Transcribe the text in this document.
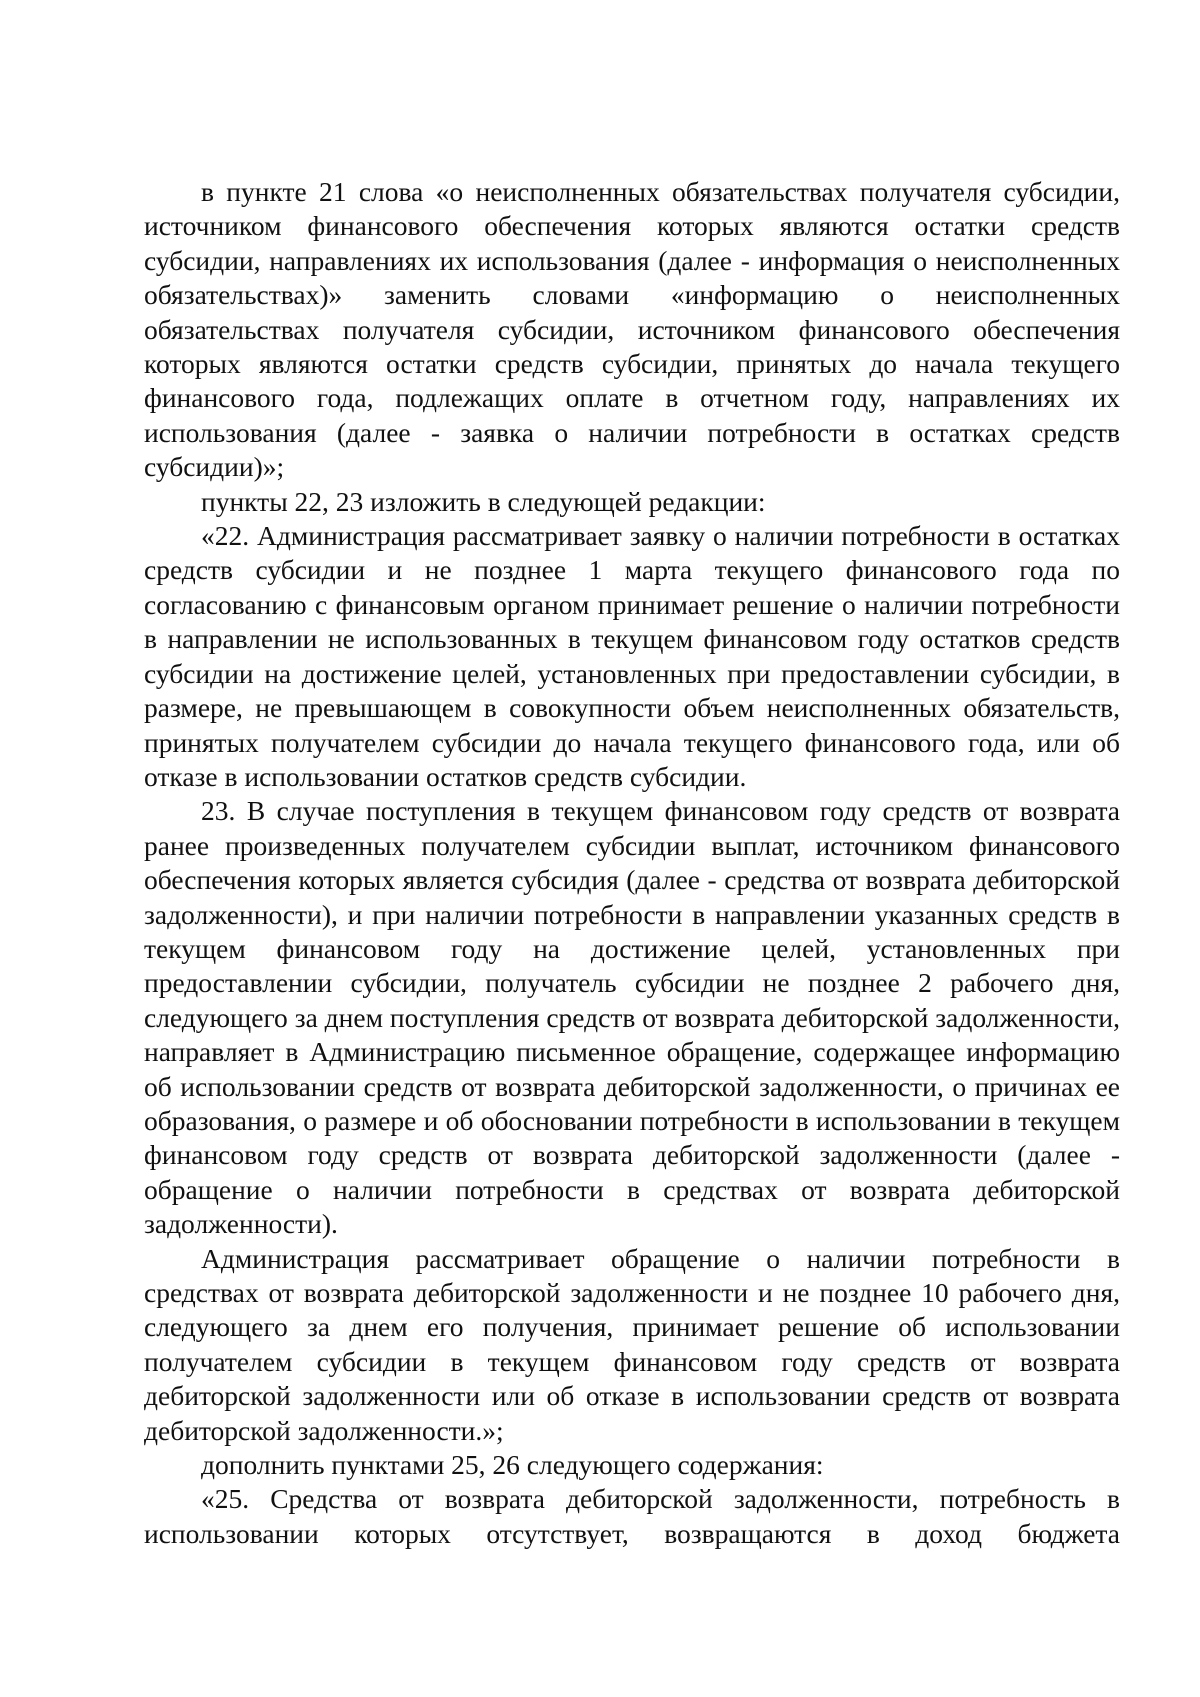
в пункте 21 слова «о неисполненных обязательствах получателя субсидии, источником финансового обеспечения которых являются остатки средств субсидии, направлениях их использования (далее - информация о неисполненных обязательствах)» заменить словами «информацию о неисполненных обязательствах получателя субсидии, источником финансового обеспечения которых являются остатки средств субсидии, принятых до начала текущего финансового года, подлежащих оплате в отчетном году, направлениях их использования (далее - заявка о наличии потребности в остатках средств субсидии)»;

пункты 22, 23 изложить в следующей редакции:

«22. Администрация рассматривает заявку о наличии потребности в остатках средств субсидии и не позднее 1 марта текущего финансового года по согласованию с финансовым органом принимает решение о наличии потребности в направлении не использованных в текущем финансовом году остатков средств субсидии на достижение целей, установленных при предоставлении субсидии, в размере, не превышающем в совокупности объем неисполненных обязательств, принятых получателем субсидии до начала текущего финансового года, или об отказе в использовании остатков средств субсидии.

23. В случае поступления в текущем финансовом году средств от возврата ранее произведенных получателем субсидии выплат, источником финансового обеспечения которых является субсидия (далее - средства от возврата дебиторской задолженности), и при наличии потребности в направлении указанных средств в текущем финансовом году на достижение целей, установленных при предоставлении субсидии, получатель субсидии не позднее 2 рабочего дня, следующего за днем поступления средств от возврата дебиторской задолженности, направляет в Администрацию письменное обращение, содержащее информацию об использовании средств от возврата дебиторской задолженности, о причинах ее образования, о размере и об обосновании потребности в использовании в текущем финансовом году средств от возврата дебиторской задолженности (далее - обращение о наличии потребности в средствах от возврата дебиторской задолженности).

Администрация рассматривает обращение о наличии потребности в средствах от возврата дебиторской задолженности и не позднее 10 рабочего дня, следующего за днем его получения, принимает решение об использовании получателем субсидии в текущем финансовом году средств от возврата дебиторской задолженности или об отказе в использовании средств от возврата дебиторской задолженности.»;

дополнить пунктами 25, 26 следующего содержания:

«25. Средства от возврата дебиторской задолженности, потребность в использовании которых отсутствует, возвращаются в доход бюджета
